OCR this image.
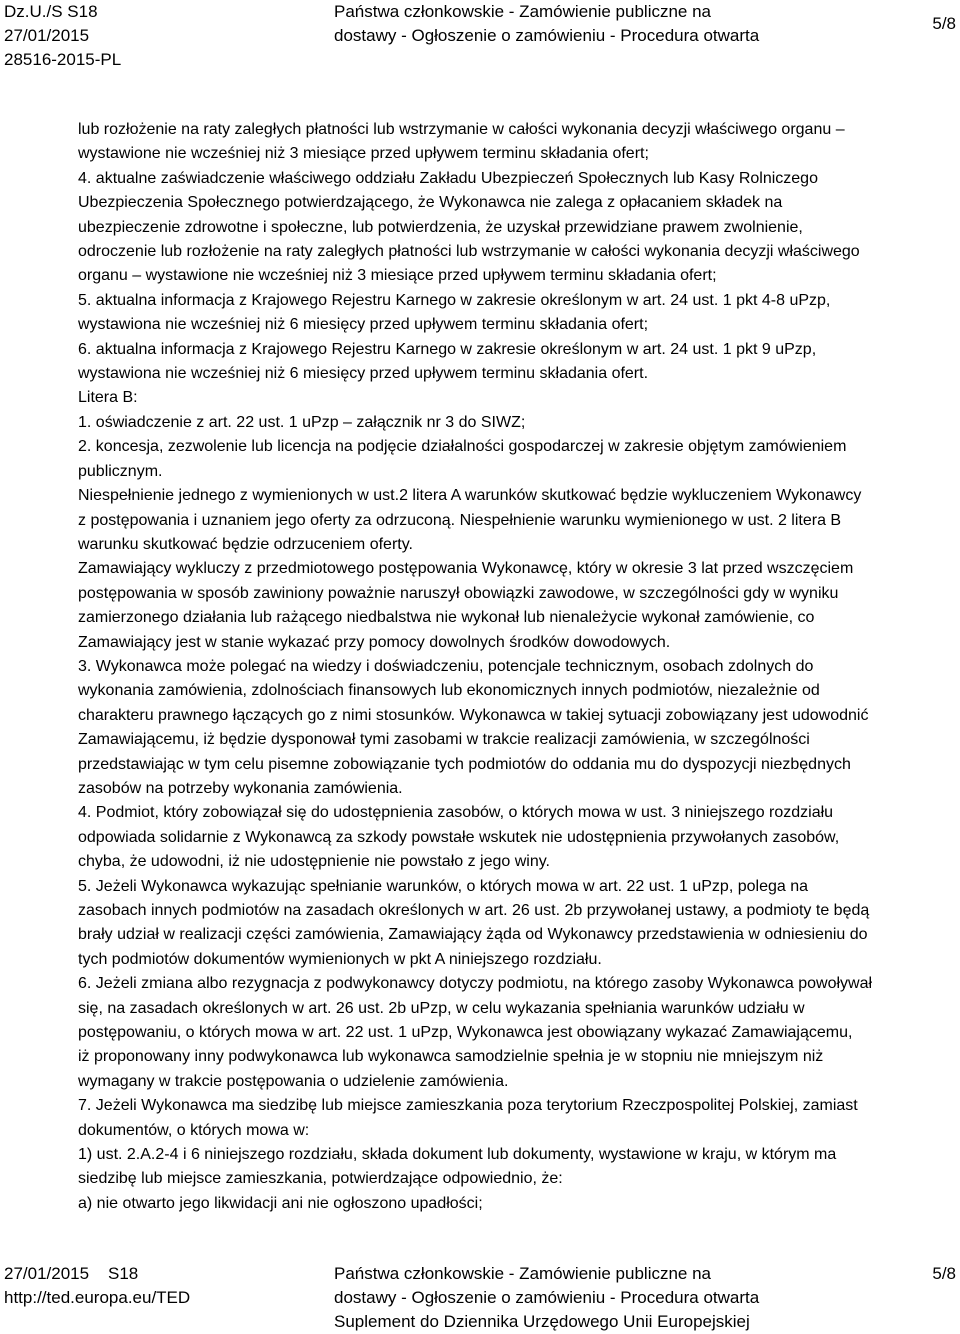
Dz.U./S S18
27/01/2015
28516-2015-PL
Państwa członkowskie - Zamówienie publiczne na
dostawy - Ogłoszenie o zamówieniu - Procedura otwarta
5/8
lub rozłożenie na raty zaległych płatności lub wstrzymanie w całości wykonania decyzji właściwego organu –
wystawione nie wcześniej niż 3 miesiące przed upływem terminu składania ofert;
4. aktualne zaświadczenie właściwego oddziału Zakładu Ubezpieczeń Społecznych lub Kasy Rolniczego
Ubezpieczenia Społecznego potwierdzającego, że Wykonawca nie zalega z opłacaniem składek na
ubezpieczenie zdrowotne i społeczne, lub potwierdzenia, że uzyskał przewidziane prawem zwolnienie,
odroczenie lub rozłożenie na raty zaległych płatności lub wstrzymanie w całości wykonania decyzji właściwego
organu – wystawione nie wcześniej niż 3 miesiące przed upływem terminu składania ofert;
5. aktualna informacja z Krajowego Rejestru Karnego w zakresie określonym w art. 24 ust. 1 pkt 4-8 uPzp,
wystawiona nie wcześniej niż 6 miesięcy przed upływem terminu składania ofert;
6. aktualna informacja z Krajowego Rejestru Karnego w zakresie określonym w art. 24 ust. 1 pkt 9 uPzp,
wystawiona nie wcześniej niż 6 miesięcy przed upływem terminu składania ofert.
Litera B:
1. oświadczenie z art. 22 ust. 1 uPzp – załącznik nr 3 do SIWZ;
2. koncesja, zezwolenie lub licencja na podjęcie działalności gospodarczej w zakresie objętym zamówieniem
publicznym.
Niespełnienie jednego z wymienionych w ust.2 litera A warunków skutkować będzie wykluczeniem Wykonawcy
z postępowania i uznaniem jego oferty za odrzuconą. Niespełnienie warunku wymienionego w ust. 2 litera B
warunku skutkować będzie odrzuceniem oferty.
Zamawiający wykluczy z przedmiotowego postępowania Wykonawcę, który w okresie 3 lat przed wszczęciem
postępowania w sposób zawiniony poważnie naruszył obowiązki zawodowe, w szczególności gdy w wyniku
zamierzonego działania lub rażącego niedbalstwa nie wykonał lub nienależycie wykonał zamówienie, co
Zamawiający jest w stanie wykazać przy pomocy dowolnych środków dowodowych.
3. Wykonawca może polegać na wiedzy i doświadczeniu, potencjale technicznym, osobach zdolnych do
wykonania zamówienia, zdolnościach finansowych lub ekonomicznych innych podmiotów, niezależnie od
charakteru prawnego łączących go z nimi stosunków. Wykonawca w takiej sytuacji zobowiązany jest udowodnić
Zamawiającemu, iż będzie dysponował tymi zasobami w trakcie realizacji zamówienia, w szczególności
przedstawiając w tym celu pisemne zobowiązanie tych podmiotów do oddania mu do dyspozycji niezbędnych
zasobów na potrzeby wykonania zamówienia.
4. Podmiot, który zobowiązał się do udostępnienia zasobów, o których mowa w ust. 3 niniejszego rozdziału
odpowiada solidarnie z Wykonawcą za szkody powstałe wskutek nie udostępnienia przywołanych zasobów,
chyba, że udowodni, iż nie udostępnienie nie powstało z jego winy.
5. Jeżeli Wykonawca wykazując spełnianie warunków, o których mowa w art. 22 ust. 1 uPzp, polega na
zasobach innych podmiotów na zasadach określonych w art. 26 ust. 2b przywołanej ustawy, a podmioty te będą
brały udział w realizacji części zamówienia, Zamawiający żąda od Wykonawcy przedstawienia w odniesieniu do
tych podmiotów dokumentów wymienionych w pkt A niniejszego rozdziału.
6. Jeżeli zmiana albo rezygnacja z podwykonawcy dotyczy podmiotu, na którego zasoby Wykonawca powoływał
się, na zasadach określonych w art. 26 ust. 2b uPzp, w celu wykazania spełniania warunków udziału w
postępowaniu, o których mowa w art. 22 ust. 1 uPzp, Wykonawca jest obowiązany wykazać Zamawiającemu,
iż proponowany inny podwykonawca lub wykonawca samodzielnie spełnia je w stopniu nie mniejszym niż
wymagany w trakcie postępowania o udzielenie zamówienia.
7. Jeżeli Wykonawca ma siedzibę lub miejsce zamieszkania poza terytorium Rzeczpospolitej Polskiej, zamiast
dokumentów, o których mowa w:
1) ust. 2.A.2-4 i 6 niniejszego rozdziału, składa dokument lub dokumenty, wystawione w kraju, w którym ma
siedzibę lub miejsce zamieszkania, potwierdzające odpowiednio, że:
a) nie otwarto jego likwidacji ani nie ogłoszono upadłości;
27/01/2015    S18
http://ted.europa.eu/TED
Państwa członkowskie - Zamówienie publiczne na
dostawy - Ogłoszenie o zamówieniu - Procedura otwarta
Suplement do Dziennika Urzędowego Unii Europejskiej
5/8
